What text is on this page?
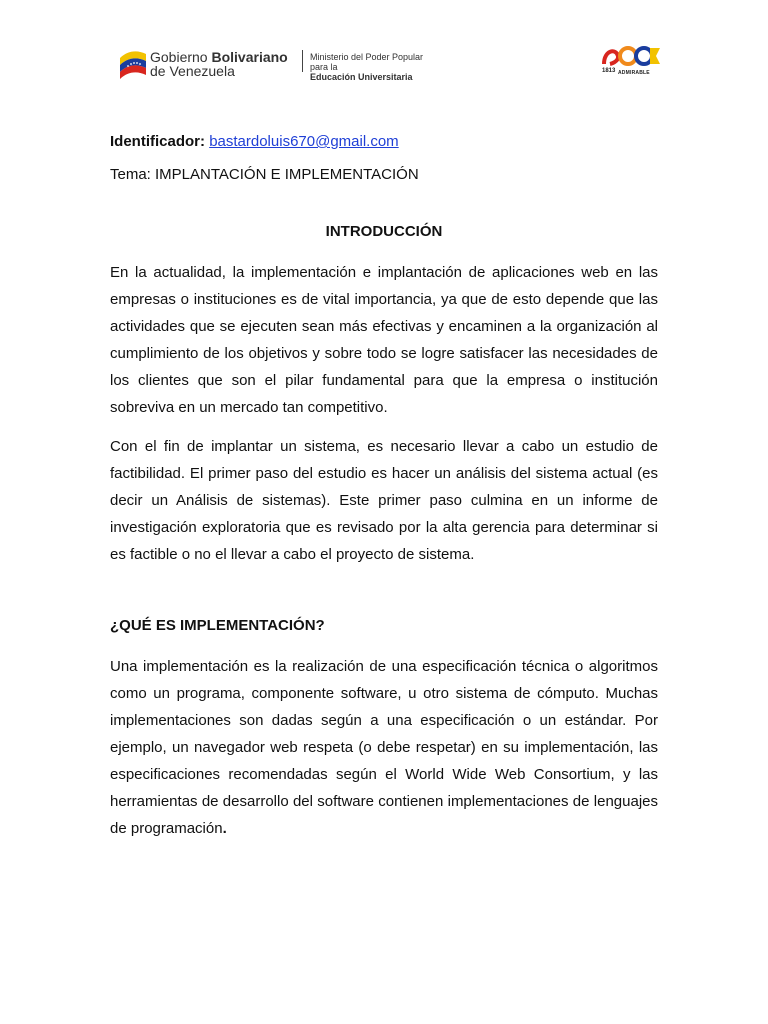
Gobierno Bolivariano
de Venezuela
Ministerio del Poder Popular
para la
Educación Universitaria
1813 ADMIRABLE

Identificador: bastardoluis670@gmail.com

Tema: IMPLANTACIÓN E IMPLEMENTACIÓN

INTRODUCCIÓN

En la actualidad, la implementación e implantación de aplicaciones web en las empresas o instituciones es de vital importancia, ya que de esto depende que las actividades que se ejecuten sean más efectivas y encaminen a la organización al cumplimiento de los objetivos y sobre todo se logre satisfacer las necesidades de los clientes que son el pilar fundamental para que la empresa o institución sobreviva en un mercado tan competitivo.

Con el fin de implantar un sistema, es necesario llevar a cabo un estudio de factibilidad. El primer paso del estudio es hacer un análisis del sistema actual (es decir un Análisis de sistemas). Este primer paso culmina en un informe de investigación exploratoria que es revisado por la alta gerencia para determinar si es factible o no el llevar a cabo el proyecto de sistema.

¿QUÉ ES IMPLEMENTACIÓN?

Una implementación es la realización de una especificación técnica o algoritmos como un programa, componente software, u otro sistema de cómputo. Muchas implementaciones son dadas según a una especificación o un estándar. Por ejemplo, un navegador web respeta (o debe respetar) en su implementación, las especificaciones recomendadas según el World Wide Web Consortium, y las herramientas de desarrollo del software contienen implementaciones de lenguajes de programación.
